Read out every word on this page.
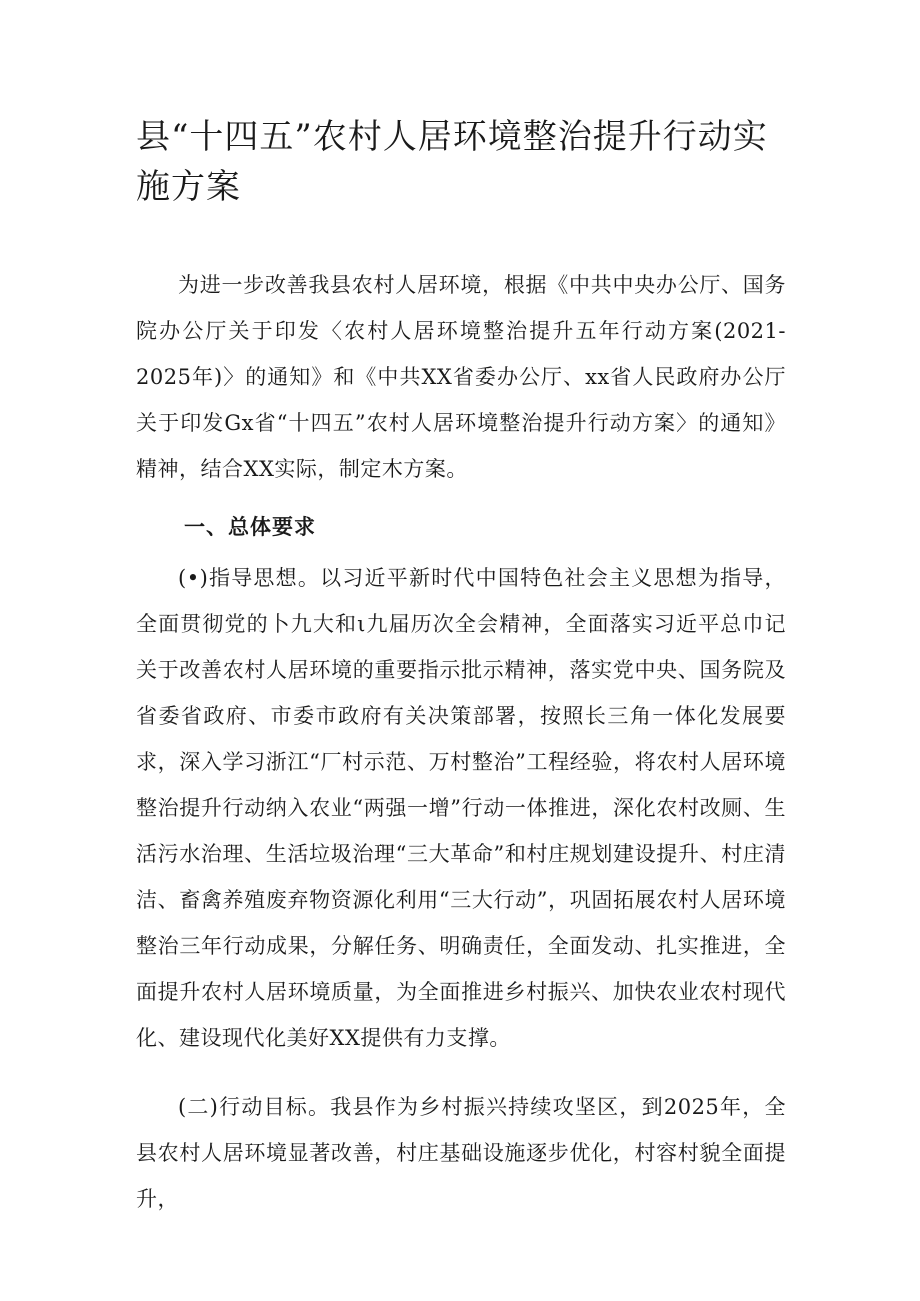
县“十四五”农村人居环境整治提升行动实施方案

为进一步改善我县农村人居环境，根据《中共中央办公厅、国务院办公厅关于印发〈农村人居环境整治提升五年行动方案(2021-2025年)〉的通知》和《中共XX省委办公厅、xx省人民政府办公厅关于印发Gx省“十四五”农村人居环境整治提升行动方案〉的通知》精神，结合XX实际，制定木方案。

一、总体要求

(•)指导思想。以习近平新时代中国特色社会主义思想为指导，全面贯彻党的卜九大和ι九届历次全会精神，全面落实习近平总巾记关于改善农村人居环境的重要指示批示精神，落实党中央、国务院及省委省政府、市委市政府有关决策部署，按照长三角一体化发展要求，深入学习浙江“厂村示范、万村整治”工程经验，将农村人居环境整治提升行动纳入农业“两强一增”行动一体推进，深化农村改厕、生活污水治理、生活垃圾治理“三大革命”和村庄规划建设提升、村庄清洁、畜禽养殖废弃物资源化利用“三大行动”，巩固拓展农村人居环境整治三年行动成果，分解任务、明确责任，全面发动、扎实推进，全面提升农村人居环境质量，为全面推进乡村振兴、加快农业农村现代化、建设现代化美好XX提供有力支撑。

(二)行动目标。我县作为乡村振兴持续攻坚区，到2025年，全县农村人居环境显著改善，村庄基础设施逐步优化，村容村貌全面提升，
